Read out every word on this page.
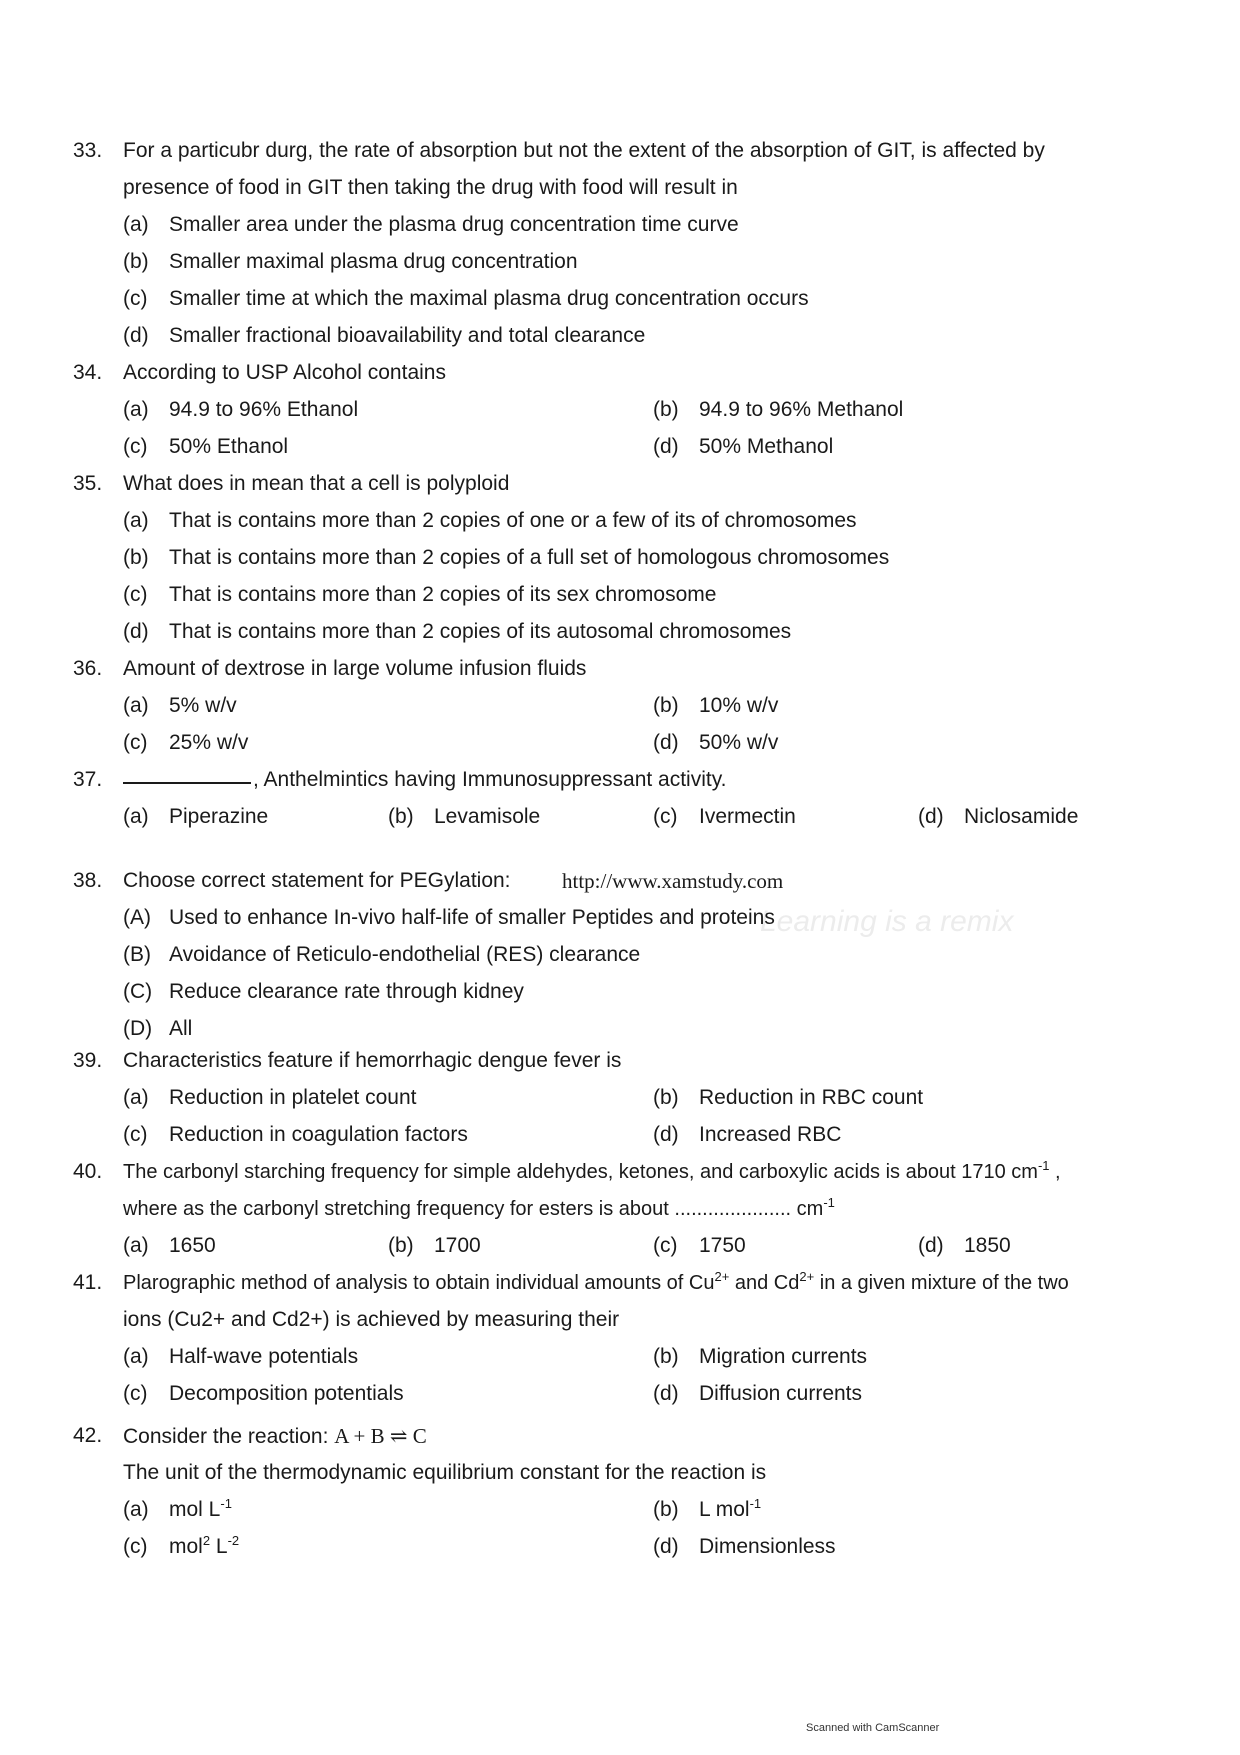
33. For a particubr durg, the rate of absorption but not the extent of the absorption of GIT, is affected by
presence of food in GIT then taking the drug with food will result in
(a) Smaller area under the plasma drug concentration time curve
(b) Smaller maximal plasma drug concentration
(c) Smaller time at which the maximal plasma drug concentration occurs
(d) Smaller fractional bioavailability and total clearance
34. According to USP Alcohol contains
(a) 94.9 to 96% Ethanol	(b) 94.9 to 96% Methanol
(c) 50% Ethanol	(d) 50% Methanol
35. What does in mean that a cell is polyploid
(a) That is contains more than 2 copies of one or a few of its of chromosomes
(b) That is contains more than 2 copies of a full set of homologous chromosomes
(c) That is contains more than 2 copies of its sex chromosome
(d) That is contains more than 2 copies of its autosomal chromosomes
36. Amount of dextrose in large volume infusion fluids
(a) 5% w/v	(b) 10% w/v
(c) 25% w/v	(d) 50% w/v
37.	, Anthelmintics having Immunosuppressant activity.
(a) Piperazine	(b) Levamisole	(c) Ivermectin	(d) Niclosamide
38. Choose correct statement for PEGylation: http://www.xamstudy.com
Learning is a remix
(A) Used to enhance In-vivo half-life of smaller Peptides and proteins
(B) Avoidance of Reticulo-endothelial (RES) clearance
(C) Reduce clearance rate through kidney
(D) All
39. Characteristics feature if hemorrhagic dengue fever is
(a) Reduction in platelet count	(b) Reduction in RBC count
(c) Reduction in coagulation factors	(d) Increased RBC
40. The carbonyl starching frequency for simple aldehydes, ketones, and carboxylic acids is about 1710 $cm^{-1}$ ,
where as the carbonyl stretching frequency for esters is about ..................... $cm^{-1}$
(a) 1650	(b) 1700	(c) 1750	(d) 1850
41. Plarographic method of analysis to obtain individual amounts of $Cu^{2+}$ and $Cd^{2+}$ in a given mixture of the two
ions (Cu2+ and Cd2+) is achieved by measuring their
(a) Half-wave potentials	(b) Migration currents
(c) Decomposition potentials	(d) Diffusion currents
42. Consider the reaction: A + B ⇌ C
The unit of the thermodynamic equilibrium constant for the reaction is
(a) mol $L^{-1}$	(b) L mol$^{-1}$
(c) mol$^2$ $L^{-2}$	(d) Dimensionless
Scanned with CamScanner
